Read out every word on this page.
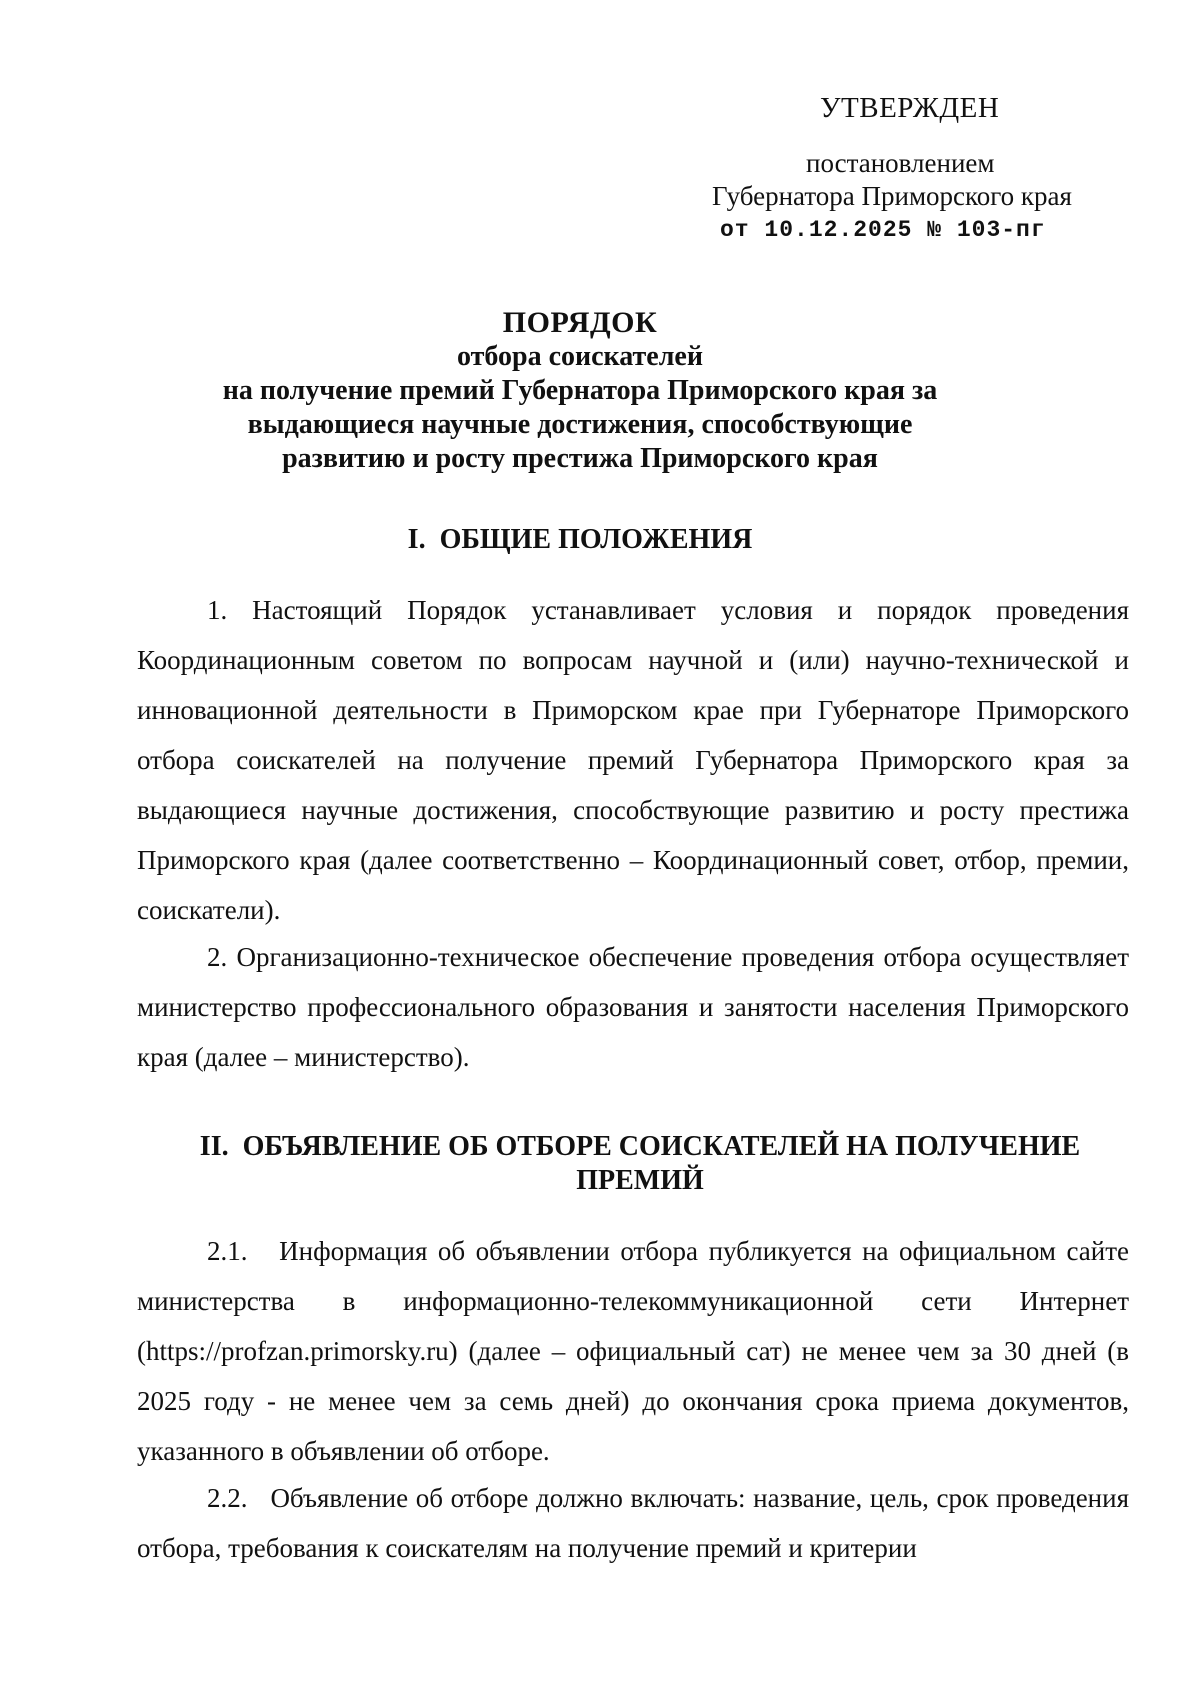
УТВЕРЖДЕН
постановлением
Губернатора Приморского края
от 10.12.2025 № 103-пг
ПОРЯДОК
отбора соискателей
на получение премий Губернатора Приморского края за
выдающиеся научные достижения, способствующие
развитию и росту престижа Приморского края
I.  ОБЩИЕ ПОЛОЖЕНИЯ

1. Настоящий Порядок устанавливает условия и порядок проведения Координационным советом по вопросам научной и (или) научно-технической и инновационной деятельности в Приморском крае при Губернаторе Приморского отбора соискателей на получение премий Губернатора Приморского края за выдающиеся научные достижения, способствующие развитию и росту престижа Приморского края (далее соответственно – Координационный совет, отбор, премии, соискатели).

2. Организационно-техническое обеспечение проведения отбора осуществляет министерство профессионального образования и занятости населения Приморского края (далее – министерство).

II.  ОБЪЯВЛЕНИЕ ОБ ОТБОРЕ СОИСКАТЕЛЕЙ НА ПОЛУЧЕНИЕ
ПРЕМИЙ

2.1.   Информация об объявлении отбора публикуется на официальном сайте министерства в информационно-телекоммуникационной сети Интернет (https://profzan.primorsky.ru) (далее – официальный сат) не менее чем за 30 дней (в 2025 году - не менее чем за семь дней) до окончания срока приема документов, указанного в объявлении об отборе.

2.2.   Объявление об отборе должно включать: название, цель, срок проведения отбора, требования к соискателям на получение премий и критерии
